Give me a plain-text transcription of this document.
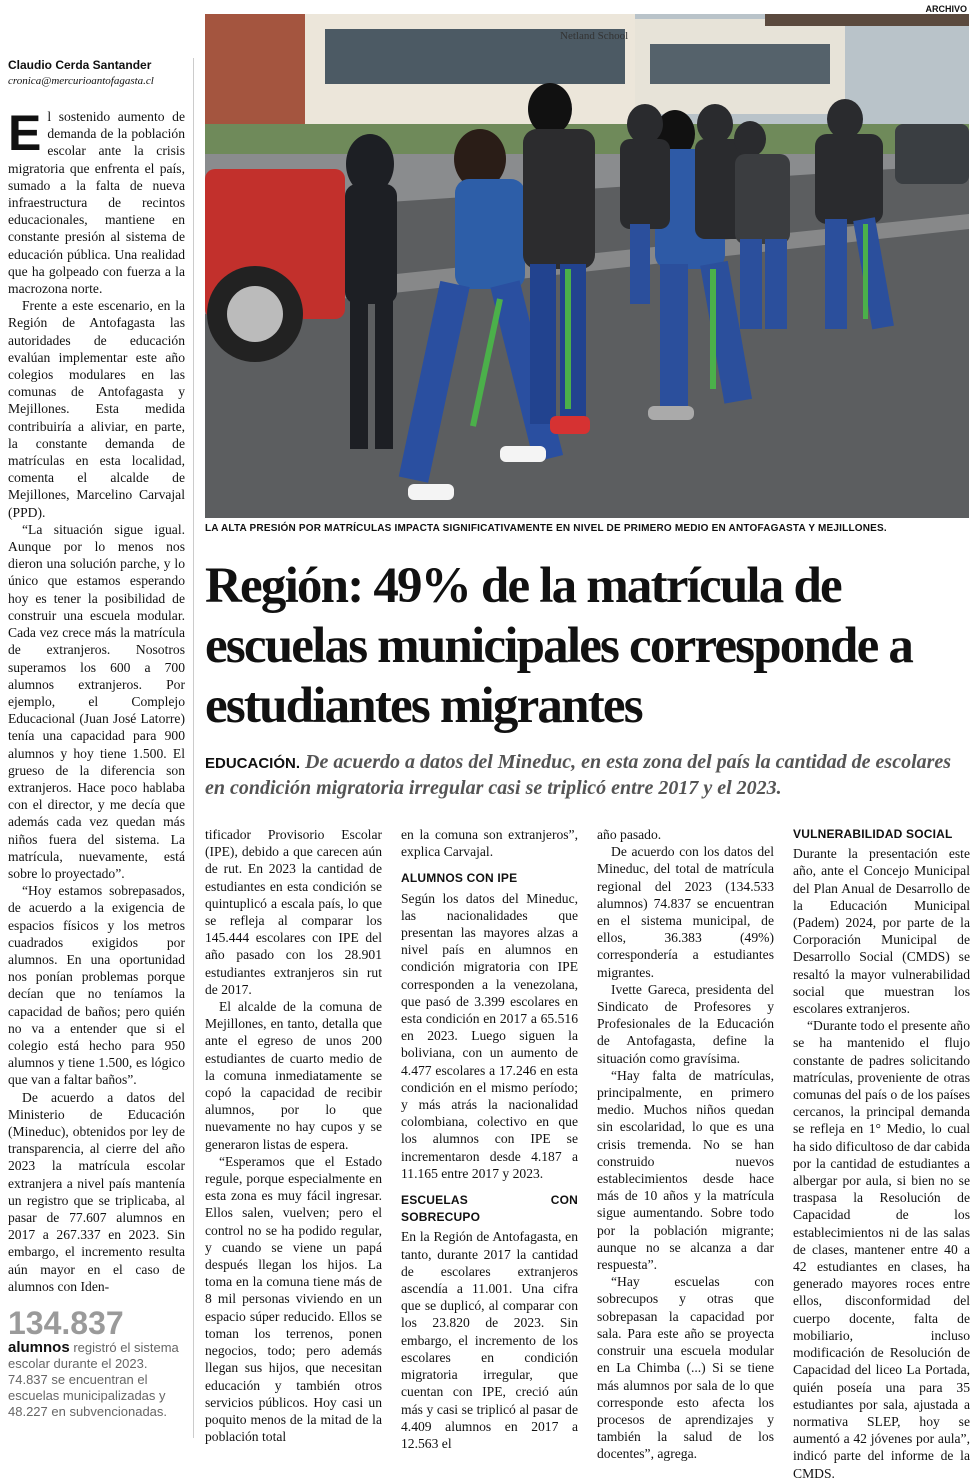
ARCHIVO
Claudio Cerda Santander
cronica@mercurioantofagasta.cl
Netland School
LA ALTA PRESIÓN POR MATRÍCULAS IMPACTA SIGNIFICATIVAMENTE EN NIVEL DE PRIMERO MEDIO EN ANTOFAGASTA Y MEJILLONES.
Región: 49% de la matrícula de escuelas municipales corresponde a estudiantes migrantes
EDUCACIÓN. De acuerdo a datos del Mineduc, en esta zona del país la cantidad de escolares en condición migratoria irregular casi se triplicó entre 2017 y el 2023.

El sostenido aumento de demanda de la población escolar ante la crisis migratoria que enfrenta el país, sumado a la falta de nueva infraestructura de recintos educacionales, mantiene en constante presión al sistema de educación pública. Una realidad que ha golpeado con fuerza a la macrozona norte.

Frente a este escenario, en la Región de Antofagasta las autoridades de educación evalúan implementar este año colegios modulares en las comunas de Antofagasta y Mejillones. Esta medida contribuiría a aliviar, en parte, la constante demanda de matrículas en esta localidad, comenta el alcalde de Mejillones, Marcelino Carvajal (PPD).

“La situación sigue igual. Aunque por lo menos nos dieron una solución parche, y lo único que estamos esperando hoy es tener la posibilidad de construir una escuela modular. Cada vez crece más la matrícula de extranjeros. Nosotros superamos los 600 a 700 alumnos extranjeros. Por ejemplo, el Complejo Educacional (Juan José Latorre) tenía una capacidad para 900 alumnos y hoy tiene 1.500. El grueso de la diferencia son extranjeros. Hace poco hablaba con el director, y me decía que además cada vez quedan más niños fuera del sistema. La matrícula, nuevamente, está sobre lo proyectado”.

“Hoy estamos sobrepasados, de acuerdo a la exigencia de espacios físicos y los metros cuadrados exigidos por alumnos. En una oportunidad nos ponían problemas porque decían que no teníamos la capacidad de baños; pero quién no va a entender que si el colegio está hecho para 950 alumnos y tiene 1.500, es lógico que van a faltar baños”.

De acuerdo a datos del Ministerio de Educación (Mineduc), obtenidos por ley de transparencia, al cierre del año 2023 la matrícula escolar extranjera a nivel país mantenía un registro que se triplicaba, al pasar de 77.607 alumnos en 2017 a 267.337 en 2023. Sin embargo, el incremento resulta aún mayor en el caso de alumnos con Iden-

134.837
alumnos registró el sistema escolar durante el 2023. 74.837 se encuentran el escuelas municipalizadas y 48.227 en subvencionadas.

tificador Provisorio Escolar (IPE), debido a que carecen aún de rut. En 2023 la cantidad de estudiantes en esta condición se quintuplicó a escala país, lo que se refleja al comparar los 145.444 escolares con IPE del año pasado con los 28.901 estudiantes extranjeros sin rut de 2017.

El alcalde de la comuna de Mejillones, en tanto, detalla que ante el egreso de unos 200 estudiantes de cuarto medio de la comuna inmediatamente se copó la capacidad de recibir alumnos, por lo que nuevamente no hay cupos y se generaron listas de espera.

“Esperamos que el Estado regule, porque especialmente en esta zona es muy fácil ingresar. Ellos salen, vuelven; pero el control no se ha podido regular, y cuando se viene un papá después llegan los hijos. La toma en la comuna tiene más de 8 mil personas viviendo en un espacio súper reducido. Ellos se toman los terrenos, ponen negocios, todo; pero además llegan sus hijos, que necesitan educación y también otros servicios públicos. Hoy casi un poquito menos de la mitad de la población total

en la comuna son extranjeros”, explica Carvajal.

ALUMNOS CON IPE

Según los datos del Mineduc, las nacionalidades que presentan las mayores alzas a nivel país en alumnos en condición migratoria con IPE corresponden a la venezolana, que pasó de 3.399 escolares en esta condición en 2017 a 65.516 en 2023. Luego siguen la boliviana, con un aumento de 4.477 escolares a 17.246 en esta condición en el mismo período; y más atrás la nacionalidad colombiana, colectivo en que los alumnos con IPE se incrementaron desde 4.187 a 11.165 entre 2017 y 2023.

ESCUELAS CON SOBRECUPO

En la Región de Antofagasta, en tanto, durante 2017 la cantidad de escolares extranjeros ascendía a 11.001. Una cifra que se duplicó, al comparar con los 23.820 de 2023. Sin embargo, el incremento de los escolares en condición migratoria irregular, que cuentan con IPE, creció aún más y casi se triplicó al pasar de 4.409 alumnos en 2017 a 12.563 el

año pasado.

De acuerdo con los datos del Mineduc, del total de matrícula regional del 2023 (134.533 alumnos) 74.837 se encuentran en el sistema municipal, de ellos, 36.383 (49%) correspondería a estudiantes migrantes.

Ivette Gareca, presidenta del Sindicato de Profesores y Profesionales de la Educación de Antofagasta, define la situación como gravísima.

“Hay falta de matrículas, principalmente, en primero medio. Muchos niños quedan sin escolaridad, lo que es una crisis tremenda. No se han construido nuevos establecimientos desde hace más de 10 años y la matrícula sigue aumentando. Sobre todo por la población migrante; aunque no se alcanza a dar respuesta”.

“Hay escuelas con sobrecupos y otras que sobrepasan la capacidad por sala. Para este año se proyecta construir una escuela modular en La Chimba (...) Si se tiene más alumnos por sala de lo que corresponde esto afecta los procesos de aprendizajes y también la salud de los docentes”, agrega.

VULNERABILIDAD SOCIAL

Durante la presentación este año, ante el Concejo Municipal del Plan Anual de Desarrollo de la Educación Municipal (Padem) 2024, por parte de la Corporación Municipal de Desarrollo Social (CMDS) se resaltó la mayor vulnerabilidad social que muestran los escolares extranjeros.

“Durante todo el presente año se ha mantenido el flujo constante de padres solicitando matrículas, proveniente de otras comunas del país o de los países cercanos, la principal demanda se refleja en 1° Medio, lo cual ha sido dificultoso de dar cabida por la cantidad de estudiantes a albergar por aula, si bien no se traspasa la Resolución de Capacidad de los establecimientos ni de las salas de clases, mantener entre 40 a 42 estudiantes en clases, ha generado mayores roces entre ellos, disconformidad del cuerpo docente, falta de mobiliario, incluso modificación de Resolución de Capacidad del liceo La Portada, quién poseía una para 35 estudiantes por sala, ajustada a normativa SLEP, hoy se aumentó a 42 jóvenes por aula”, indicó parte del informe de la CMDS.
